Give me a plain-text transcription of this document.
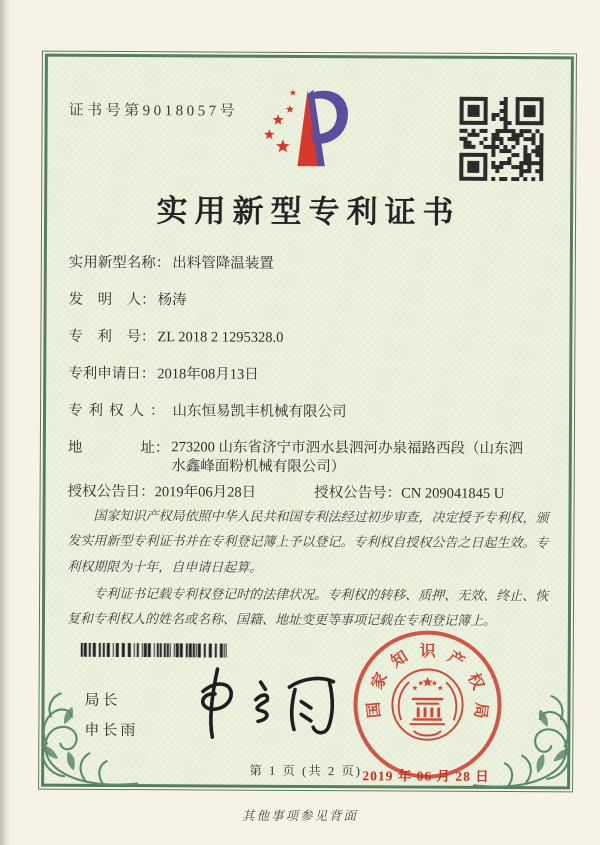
证书号第9018057号
实用新型专利证书
实用新型名称： 出料管降温装置
发　明　人： 杨涛
专　利　号： ZL 2018 2 1295328.0
专利申请日： 2018年08月13日
专利权人： 山东恒易凯丰机械有限公司
地　　　　址： 273200 山东省济宁市泗水县泗河办泉福路西段（山东泗水鑫峰面粉机械有限公司）
授权公告日： 2019年06月28日	授权公告号： CN 209041845 U

国家知识产权局依照中华人民共和国专利法经过初步审查，决定授予专利权，颁发实用新型专利证书并在专利登记簿上予以登记。专利权自授权公告之日起生效。专利权期限为十年，自申请日起算。

专利证书记载专利权登记时的法律状况。专利权的转移、质押、无效、终止、恢复和专利权人的姓名或名称、国籍、地址变更等事项记载在专利登记簿上。

局长
申长雨
国
家
知 识 产
权
局
2019 年 06 月 28 日
第 1 页 (共 2 页)
其他事项参见背面
